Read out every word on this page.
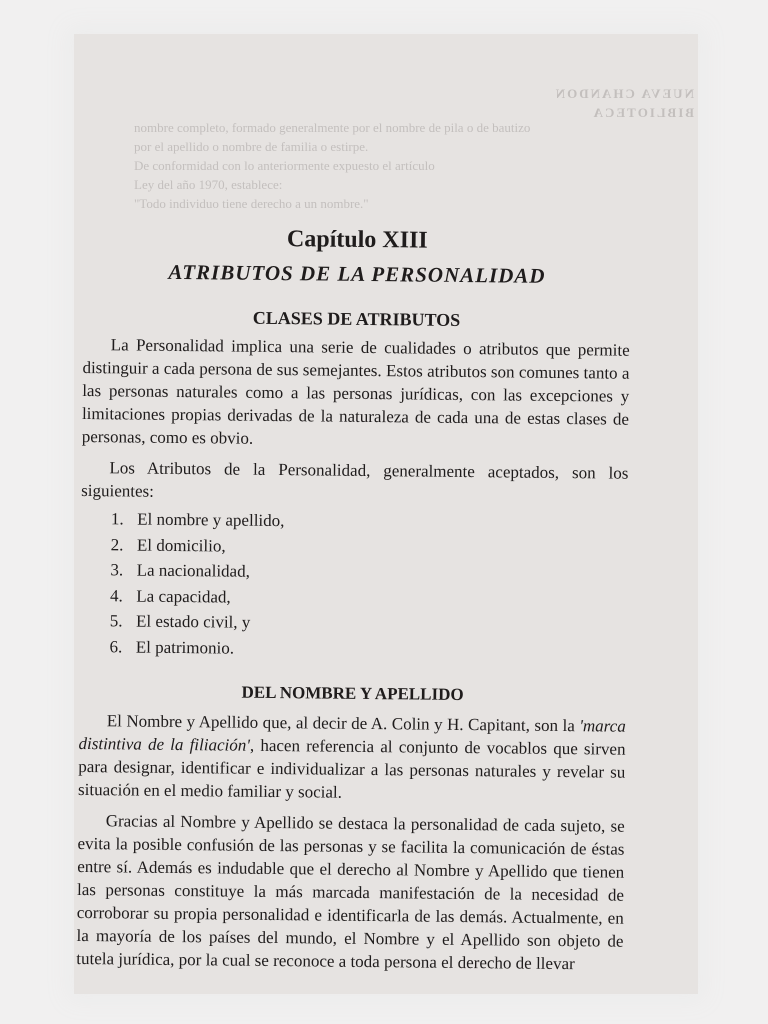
NUEVA CHANDON BIBLIOTECA
nombre completo, formado generalmente por el nombre de pila o de bautizo
por el apellido o nombre de familia o estirpe.
De conformidad con lo anteriormente expuesto el artículo
Ley del año 1970, establece:
"Todo individuo tiene derecho a un nombre."
Capítulo XIII
ATRIBUTOS DE LA PERSONALIDAD
CLASES DE ATRIBUTOS

La Personalidad implica una serie de cualidades o atributos que permite distinguir a cada persona de sus semejantes. Estos atributos son comunes tanto a las personas naturales como a las personas jurídicas, con las excepciones y limitaciones propias derivadas de la naturaleza de cada una de estas clases de personas, como es obvio.

Los Atributos de la Personalidad, generalmente aceptados, son los siguientes:

1. El nombre y apellido,
2. El domicilio,
3. La nacionalidad,
4. La capacidad,
5. El estado civil, y
6. El patrimonio.
DEL NOMBRE Y APELLIDO

El Nombre y Apellido que, al decir de A. Colin y H. Capitant, son la 'marca distintiva de la filiación', hacen referencia al conjunto de vocablos que sirven para designar, identificar e individualizar a las personas naturales y revelar su situación en el medio familiar y social.

Gracias al Nombre y Apellido se destaca la personalidad de cada sujeto, se evita la posible confusión de las personas y se facilita la comunicación de éstas entre sí. Además es indudable que el derecho al Nombre y Apellido que tienen las personas constituye la más marcada manifestación de la necesidad de corroborar su propia personalidad e identificarla de las demás. Actualmente, en la mayoría de los países del mundo, el Nombre y el Apellido son objeto de tutela jurídica, por la cual se reconoce a toda persona el derecho de llevar
